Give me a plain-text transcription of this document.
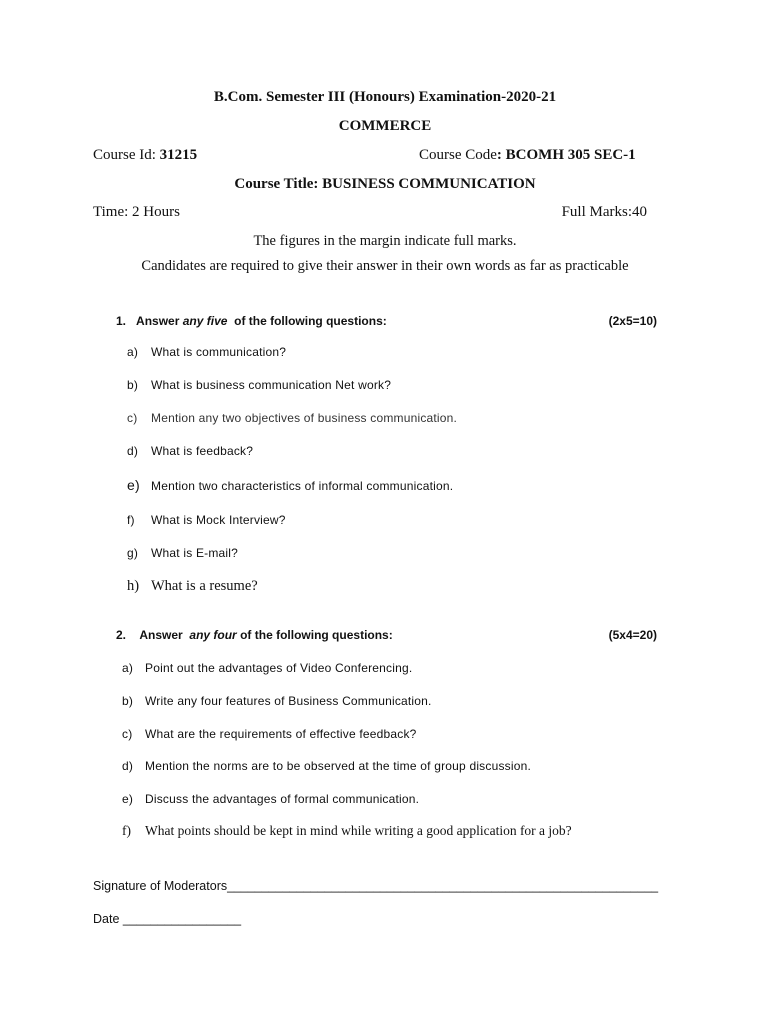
B.Com. Semester III (Honours) Examination-2020-21
COMMERCE
Course Id: 31215	Course Code: BCOMH 305 SEC-1
Course Title: BUSINESS COMMUNICATION
Time: 2 Hours	Full Marks:40
The figures in the margin indicate full marks.
Candidates are required to give their answer in their own words as far as practicable
1. Answer any five of the following questions:	(2x5=10)
a) What is communication?
b) What is business communication Net work?
c) Mention any two objectives of business communication.
d) What is feedback?
e) Mention two characteristics of informal communication.
f) What is Mock Interview?
g) What is E-mail?
h) What is a resume?
2. Answer any four of the following questions:	(5x4=20)
a) Point out the advantages of Video Conferencing.
b) Write any four features of Business Communication.
c) What are the requirements of effective feedback?
d) Mention the norms are to be observed at the time of group discussion.
e) Discuss the advantages of formal communication.
f) What points should be kept in mind while writing a good application for a job?
Signature of Moderators______________________________________________________________
Date _________________
